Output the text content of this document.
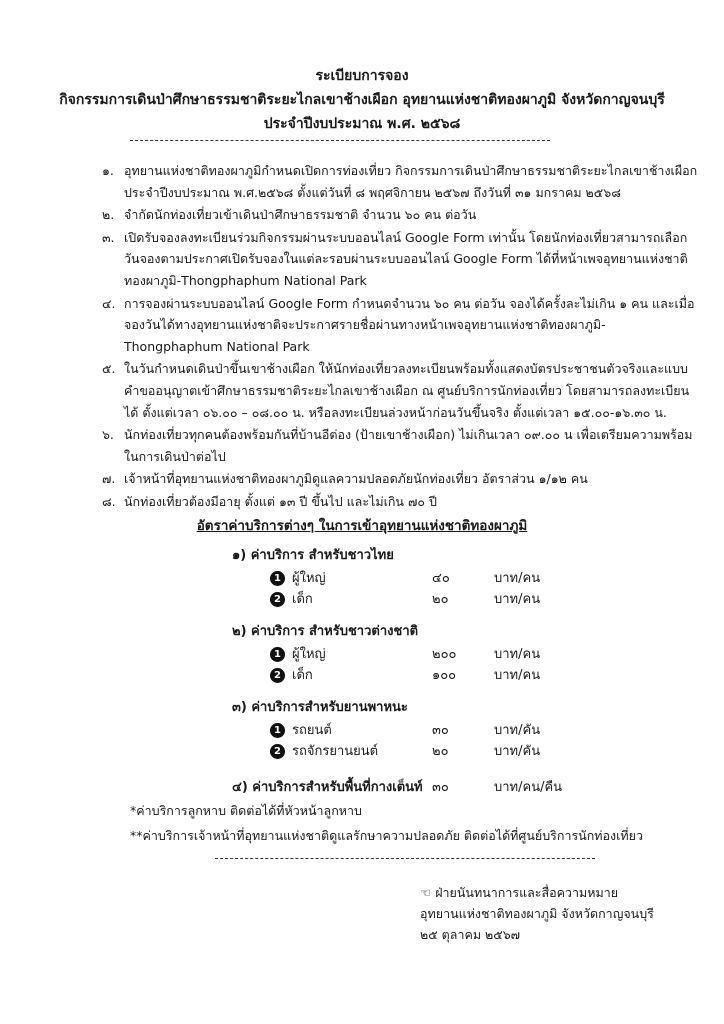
ระเบียบการจอง
กิจกรรมการเดินป่าศึกษาธรรมชาติระยะไกลเขาช้างเผือก อุทยานแห่งชาติทองผาภูมิ จังหวัดกาญจนบุรี
ประจำปีงบประมาณ พ.ศ. ๒๕๖๘
๑. อุทยานแห่งชาติทองผาภูมิกำหนดเปิดการท่องเที่ยว กิจกรรมการเดินป่าศึกษาธรรมชาติระยะไกลเขาช้างเผือก ประจำปีงบประมาณ พ.ศ.๒๕๖๘ ตั้งแต่วันที่ ๘ พฤศจิกายน ๒๕๖๗ ถึงวันที่ ๓๑ มกราคม ๒๕๖๘
๒. จำกัดนักท่องเที่ยวเข้าเดินป่าศึกษาธรรมชาติ จำนวน ๖๐ คน ต่อวัน
๓. เปิดรับจองลงทะเบียนร่วมกิจกรรมผ่านระบบออนไลน์ Google Form เท่านั้น โดยนักท่องเที่ยวสามารถเลือกวันจองตามประกาศเปิดรับจองในแต่ละรอบผ่านระบบออนไลน์ Google Form ได้ที่หน้าเพจอุทยานแห่งชาติทองผาภูมิ-Thongphaphum National Park
๔. การจองผ่านระบบออนไลน์ Google Form กำหนดจำนวน ๖๐ คน ต่อวัน จองได้ครั้งละไม่เกิน ๑ คน และเมื่อจองวันได้ทางอุทยานแห่งชาติจะประกาศรายชื่อผ่านทางหน้าเพจอุทยานแห่งชาติทองผาภูมิ-Thongphaphum National Park
๕. ในวันกำหนดเดินป่าขึ้นเขาช้างเผือก ให้นักท่องเที่ยวลงทะเบียนพร้อมทั้งแสดงบัตรประชาชนตัวจริงและแบบคำขออนุญาตเข้าศึกษาธรรมชาติระยะไกลเขาช้างเผือก ณ ศูนย์บริการนักท่องเที่ยว โดยสามารถลงทะเบียนได้ ตั้งแต่เวลา ๐๖.๐๐ – ๐๘.๐๐ น. หรือลงทะเบียนล่วงหน้าก่อนวันขึ้นจริง ตั้งแต่เวลา ๑๕.๐๐-๑๖.๓๐ น.
๖. นักท่องเที่ยวทุกคนต้องพร้อมกันที่บ้านอีต่อง (ป้ายเขาช้างเผือก) ไม่เกินเวลา ๐๙.๐๐ น เพื่อเตรียมความพร้อมในการเดินป่าต่อไป
๗. เจ้าหน้าที่อุทยานแห่งชาติทองผาภูมิดูแลความปลอดภัยนักท่องเที่ยว อัตราส่วน ๑/๑๒ คน
๘. นักท่องเที่ยวต้องมีอายุ ตั้งแต่ ๑๓ ปี ขึ้นไป และไม่เกิน ๗๐ ปี
อัตราค่าบริการต่างๆ ในการเข้าอุทยานแห่งชาติทองผาภูมิ
๑) ค่าบริการ สำหรับชาวไทย
1 ผู้ใหญ่	๔๐	บาท/คน
2 เด็ก	๒๐	บาท/คน
๒) ค่าบริการ สำหรับชาวต่างชาติ
1 ผู้ใหญ่	๒๐๐	บาท/คน
2 เด็ก	๑๐๐	บาท/คน
๓) ค่าบริการสำหรับยานพาหนะ
1 รถยนต์	๓๐	บาท/คัน
2 รถจักรยานยนต์	๒๐	บาท/คัน
๔) ค่าบริการสำหรับพื้นที่กางเต็นท์ ๓๐	บาท/คน/คืน
*ค่าบริการลูกหาบ ติดต่อได้ที่หัวหน้าลูกหาบ
**ค่าบริการเจ้าหน้าที่อุทยานแห่งชาติดูแลรักษาความปลอดภัย ติดต่อได้ที่ศูนย์บริการนักท่องเที่ยว
☜ ฝ่ายนันทนาการและสื่อความหมาย
อุทยานแห่งชาติทองผาภูมิ จังหวัดกาญจนบุรี
๒๕ ตุลาคม ๒๕๖๗
